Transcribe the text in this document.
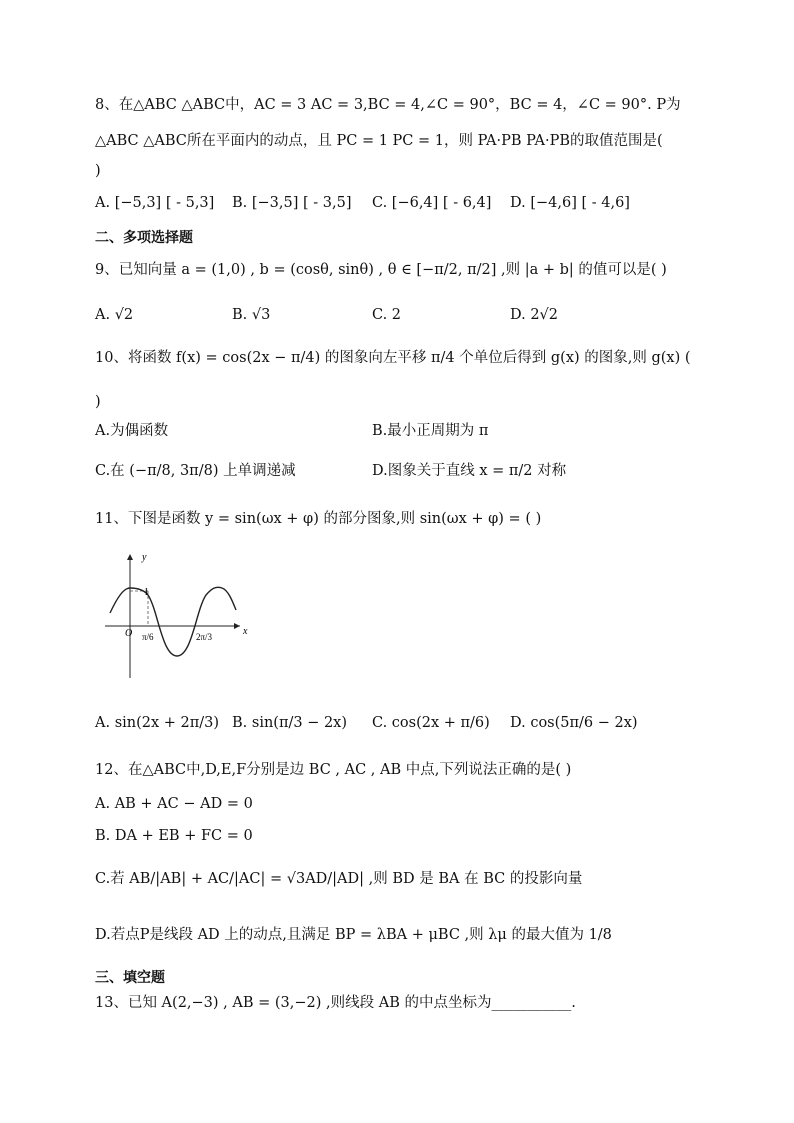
8、在△ABC △ABC中，AC = 3 AC = 3,BC = 4,∠C = 90°，BC = 4，∠C = 90°. P为
△ABC △ABC所在平面内的动点，且 PC = 1 PC = 1，则 PA·PB PA·PB的取值范围是(
)
A. [−5,3] [ - 5,3] B. [−3,5] [ - 3,5] C. [−6,4] [ - 6,4] D. [−4,6] [ - 4,6]
二、多项选择题
9、已知向量 a = (1,0) , b = (cosθ, sinθ) , θ ∈ [−π/2, π/2] ,则 |a + b| 的值可以是( )
A. √2	B. √3	C. 2	D. 2√2
10、将函数 f(x) = cos(2x − π/4) 的图象向左平移 π/4 个单位后得到 g(x) 的图象,则 g(x) (
)
A.为偶函数	B.最小正周期为 π
C.在 (−π/8, 3π/8) 上单调递减	D.图象关于直线 x = π/2 对称
11、下图是函数 y = sin(ωx + φ) 的部分图象,则 sin(ωx + φ) = ( )
y
x
O
1
π/6	2π/3
A. sin(2x + 2π/3) B. sin(π/3 − 2x) C. cos(2x + π/6) D. cos(5π/6 − 2x)
12、在△ABC中,D,E,F分别是边 BC , AC , AB 中点,下列说法正确的是( )
A. AB + AC − AD = 0
B. DA + EB + FC = 0
C.若 AB/|AB| + AC/|AC| = √3AD/|AD| ,则 BD 是 BA 在 BC 的投影向量
D.若点P是线段 AD 上的动点,且满足 BP = λBA + μBC ,则 λμ 的最大值为 1/8
三、填空题
13、已知 A(2,−3) , AB = (3,−2) ,则线段 AB 的中点坐标为___________.
